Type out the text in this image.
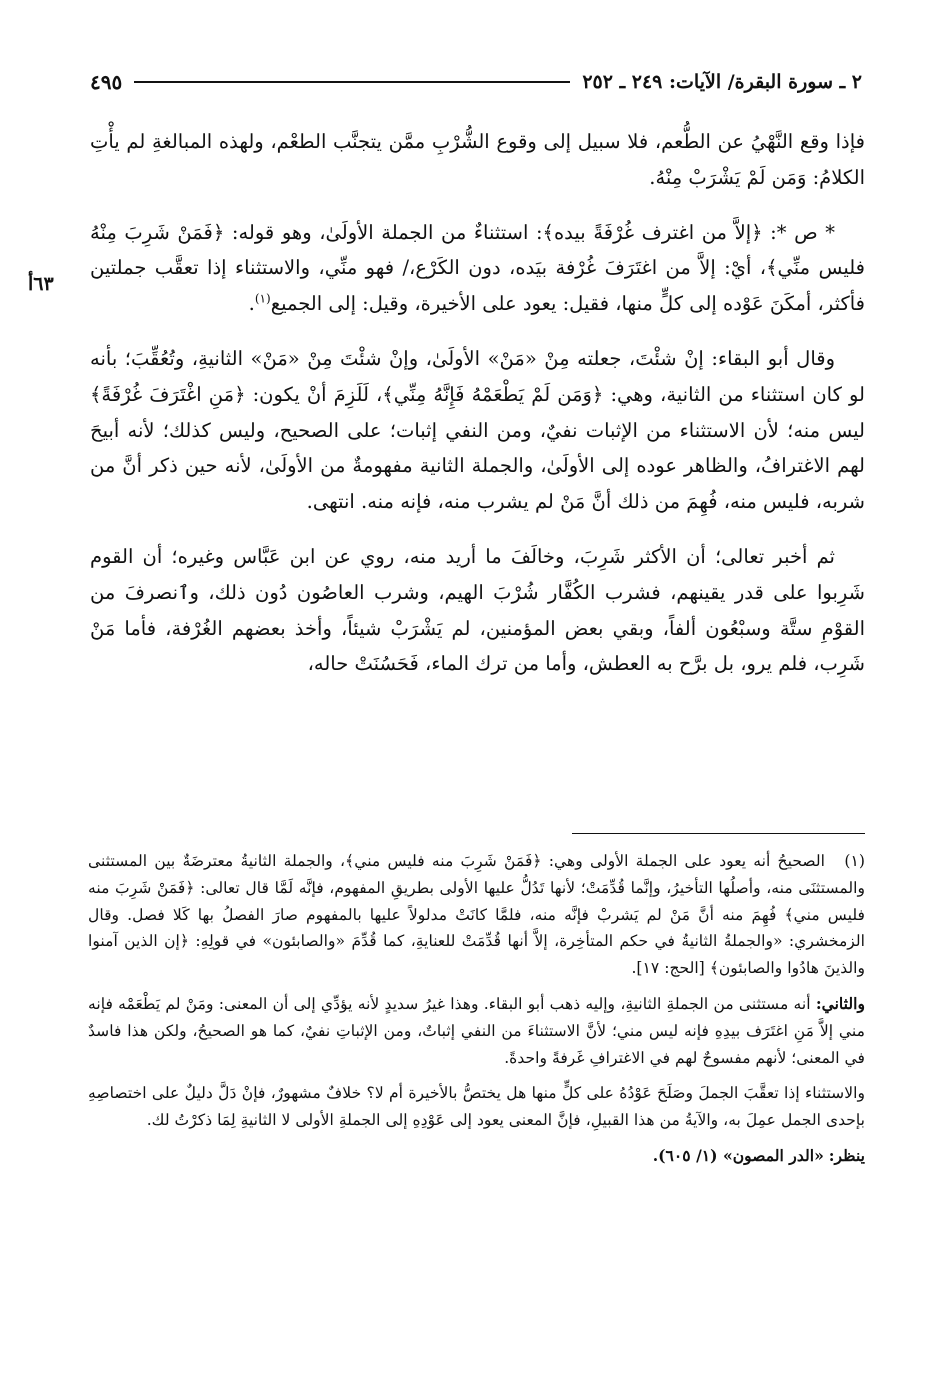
٢ ـ سورة البقرة/ الآيات: ٢٤٩ ـ ٢٥٢
٤٩٥
٦٣أ

فإذا وقع النَّهْيُ عن الطُّعم، فلا سبيل إلى وقوع الشُّرْبِ ممَّن يتجنَّب الطعْم، ولهذه المبالغةِ لم يأْتِ الكلامُ: وَمَن لَمْ يَشْرَبْ مِنْهُ.

* ص *: ﴿إلاَّ من اغترف غُرْفَةً بيده﴾: استثناءٌ من الجملة الأولَىٰ، وهو قوله: ﴿فَمَنْ شَرِبَ مِنْهُ فليس منِّي﴾، أيْ: إلاَّ من اغتَرَفَ غُرْفة بيَده، دون الكَرْع،/ فهو منِّي، والاستثناء إذا تعقَّب جملتين فأكثر، أمكَنَ عَوْده إلى كلٍّ منها، فقيل: يعود على الأخيرة، وقيل: إلى الجميع$^{(١)}$.

وقال أبو البقاء: إنْ شئْتَ، جعلته مِنْ «مَنْ» الأولَىٰ، وإنْ شئْتَ مِنْ «مَنْ» الثانيةِ، وتُعُقِّبَ؛ بأنه لو كان استثناء من الثانية، وهي: ﴿وَمَن لَمْ يَطْعَمْهُ فَإِنَّهُ مِنِّي﴾، لَلَزِمَ أنْ يكون: ﴿مَنِ اغْتَرَفَ غُرْفَةً﴾ ليس منه؛ لأن الاستثناء من الإثبات نفيٌ، ومن النفي إثبات؛ على الصحيح، وليس كذلك؛ لأنه أبيحَ لهم الاغترافُ، والظاهر عوده إلى الأولَىٰ، والجملة الثانية مفهومةٌ من الأولَىٰ، لأنه حين ذكر أنَّ من شربه، فليس منه، فُهِمَ من ذلك أنَّ مَنْ لم يشرب منه، فإنه منه. انتهى.

ثم أخبر تعالى؛ أن الأكثر شَرِبَ، وخالَفَ ما أريد منه، روي عن ابن عَبَّاس وغيره؛ أن القوم شَرِبوا على قدر يقينهم، فشرب الكُفَّار شُرْبَ الهيم، وشرب العاصُون دُون ذلك، وٱنصرفَ من القوْمِ ستَّة وسبْعُون ألفاً، وبقي بعض المؤمنين، لم يَشْرَبْ شيئاً، وأخذ بعضهم الغُرْفة، فأما مَنْ شَرِب، فلم يرو، بل برَّح به العطش، وأما من ترك الماء، فَحَسُنَتْ حاله،

(١)الصحيحُ أنه يعود على الجملة الأولى وهي: ﴿فَمَنْ شَرِبَ منه فليس مني﴾، والجملة الثانيةُ معترضَةٌ بين المستثنى والمستثنَى منه، وأصلُها التأخيرُ، وإنَّما قُدِّمَتْ؛ لأنها تَدُلُّ عليها الأولى بطريقِ المفهوم، فإنَّه لَمَّا قال تعالى: ﴿فَمَنْ شَرِبَ منه فليس مني﴾ فُهِمَ منه أنَّ مَنْ لم يَشربْ فإنَّه منه، فلمَّا كانَتْ مدلولاً عليها بالمفهوم صارَ الفصلُ بها كَلا فصل. وقال الزمخشري: «والجملةُ الثانيةُ في حكم المتأخِرة، إلاَّ أنها قُدِّمَتْ للعنايةِ، كما قُدِّمَ «والصابئون» في قولِهِ: ﴿إن الذين آمنوا والذينَ هادُوا والصابئون﴾ [الحج: ١٧].

والثاني: أنه مستثنى من الجملةِ الثانيةِ، وإليه ذهب أبو البقاء. وهذا غيرُ سديدٍ لأنه يؤدِّي إلى أن المعنى: ومَنْ لم يَطْعَمْه فإنه مني إلاَّ مَنِ اغتَرَف بيدِهِ فإنه ليس مني؛ لأنَّ الاستثناءَ من النفي إثباتٌ، ومن الإثباتِ نفيٌ، كما هو الصحيحُ، ولكن هذا فاسدٌ في المعنى؛ لأنهم مفسوحٌ لهم في الاغترافِ غَرفةً واحدةً.

والاستثناء إذا تعقَّبَ الجملَ وصَلَحَ عَوْدُهُ على كلٍّ منها هل يختصُّ بالأخيرة أم لا؟ خلافٌ مشهورٌ، فإنْ دَلَّ دليلٌ على اختصاصِهِ بإحدى الجمل عمِلَ به، والآيةُ من هذا القبيلِ، فإنَّ المعنى يعود إلى عَوْدِهِ إلى الجملةِ الأولى لا الثانيةِ لِمَا ذكرْتُ لك.

ينظر: «الدر المصون» (١/ ٦٠٥).
